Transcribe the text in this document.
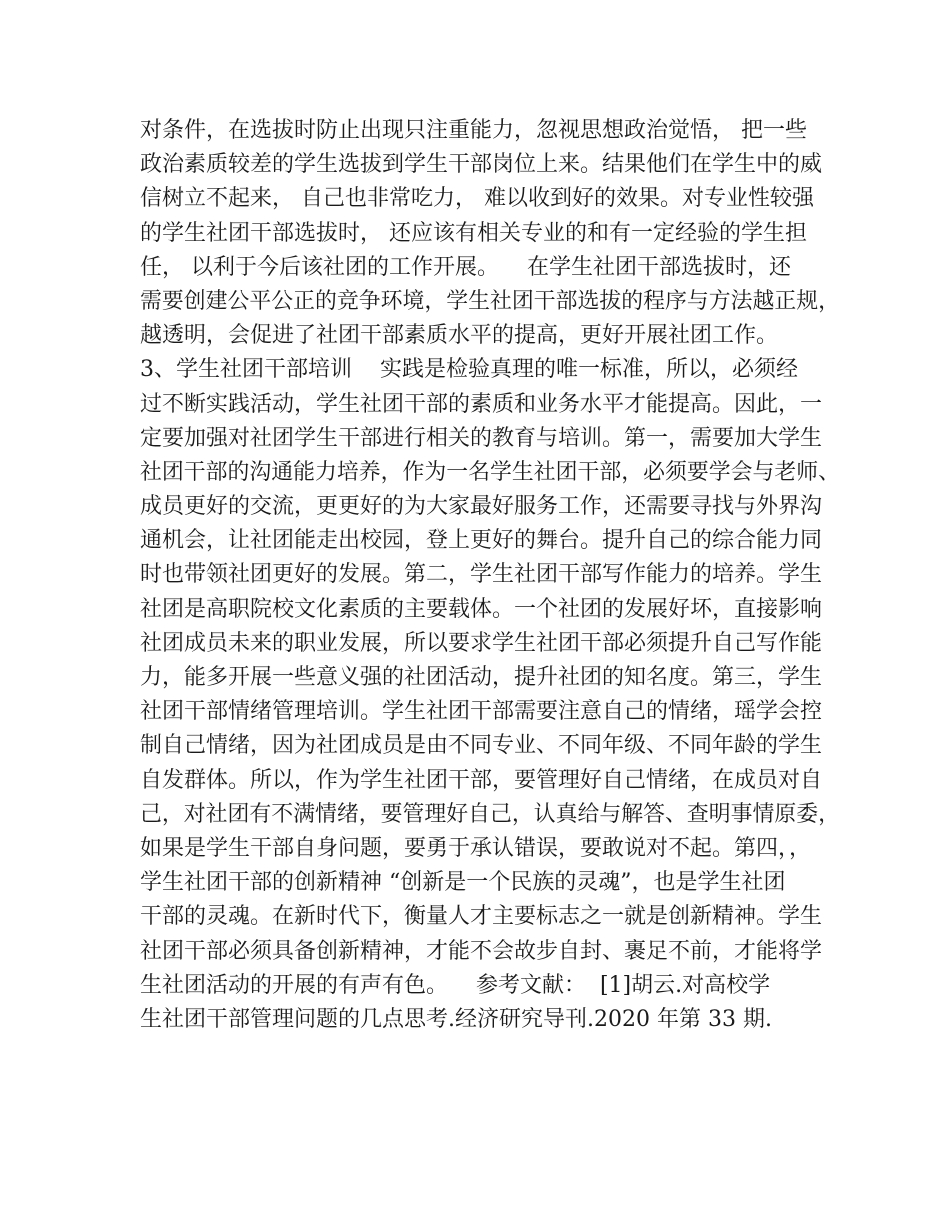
对条件，在选拔时防止出现只注重能力，忽视思想政治觉悟， 把一些
政治素质较差的学生选拔到学生干部岗位上来。结果他们在学生中的威
信树立不起来， 自己也非常吃力， 难以收到好的效果。对专业性较强
的学生社团干部选拔时， 还应该有相关专业的和有一定经验的学生担
任， 以利于今后该社团的工作开展。    在学生社团干部选拔时，还
需要创建公平公正的竞争环境，学生社团干部选拔的程序与方法越正规，
越透明，会促进了社团干部素质水平的提高，更好开展社团工作。
3、学生社团干部培训    实践是检验真理的唯一标准，所以，必须经
过不断实践活动，学生社团干部的素质和业务水平才能提高。因此，一
定要加强对社团学生干部进行相关的教育与培训。第一，需要加大学生
社团干部的沟通能力培养，作为一名学生社团干部，必须要学会与老师、
成员更好的交流，更更好的为大家最好服务工作，还需要寻找与外界沟
通机会，让社团能走出校园，登上更好的舞台。提升自己的综合能力同
时也带领社团更好的发展。第二，学生社团干部写作能力的培养。学生
社团是高职院校文化素质的主要载体。一个社团的发展好坏，直接影响
社团成员未来的职业发展，所以要求学生社团干部必须提升自己写作能
力，能多开展一些意义强的社团活动，提升社团的知名度。第三，学生
社团干部情绪管理培训。学生社团干部需要注意自己的情绪，瑶学会控
制自己情绪，因为社团成员是由不同专业、不同年级、不同年龄的学生
自发群体。所以，作为学生社团干部，要管理好自己情绪，在成员对自
己，对社团有不满情绪，要管理好自己，认真给与解答、查明事情原委，
如果是学生干部自身问题，要勇于承认错误，要敢说对不起。第四，，
学生社团干部的创新精神 “创新是一个民族的灵魂”，也是学生社团
干部的灵魂。在新时代下，衡量人才主要标志之一就是创新精神。学生
社团干部必须具备创新精神，才能不会故步自封、裹足不前，才能将学
生社团活动的开展的有声有色。    参考文献：  [1]胡云.对高校学
生社团干部管理问题的几点思考.经济研究导刊.2020 年第 33 期.
